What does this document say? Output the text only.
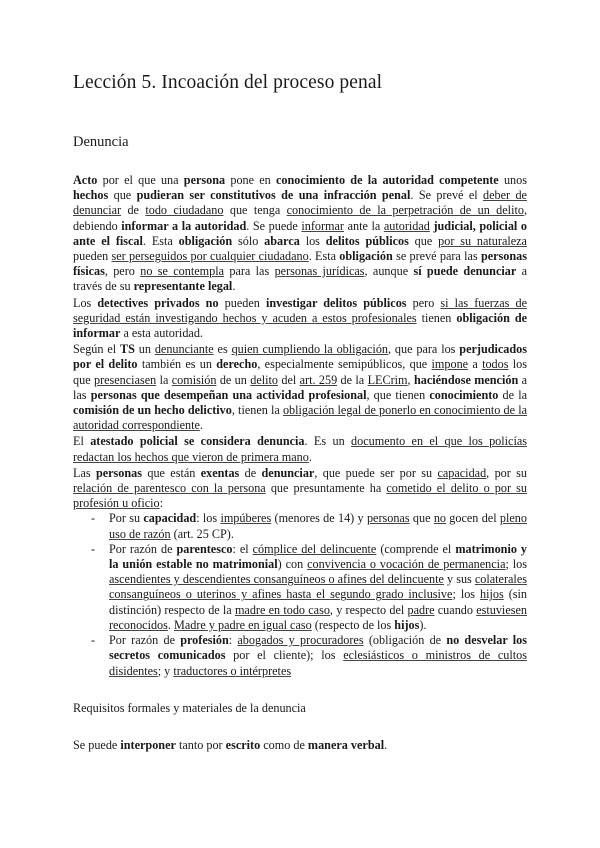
Lección 5. Incoación del proceso penal
Denuncia

Acto por el que una persona pone en conocimiento de la autoridad competente unos hechos que pudieran ser constitutivos de una infracción penal. Se prevé el deber de denunciar de todo ciudadano que tenga conocimiento de la perpetración de un delito, debiendo informar a la autoridad. Se puede informar ante la autoridad judicial, policial o ante el fiscal. Esta obligación sólo abarca los delitos públicos que por su naturaleza pueden ser perseguidos por cualquier ciudadano. Esta obligación se prevé para las personas físicas, pero no se contempla para las personas jurídicas, aunque sí puede denunciar a través de su representante legal.

Los detectives privados no pueden investigar delitos públicos pero si las fuerzas de seguridad están investigando hechos y acuden a estos profesionales tienen obligación de informar a esta autoridad.

Según el TS un denunciante es quien cumpliendo la obligación, que para los perjudicados por el delito también es un derecho, especialmente semipúblicos, que impone a todos los que presenciasen la comisión de un delito del art. 259 de la LECrim, haciéndose mención a las personas que desempeñan una actividad profesional, que tienen conocimiento de la comisión de un hecho delictivo, tienen la obligación legal de ponerlo en conocimiento de la autoridad correspondiente.

El atestado policial se considera denuncia. Es un documento en el que los policías redactan los hechos que vieron de primera mano.

Las personas que están exentas de denunciar, que puede ser por su capacidad, por su relación de parentesco con la persona que presuntamente ha cometido el delito o por su profesión u oficio:

- Por su capacidad: los impúberes (menores de 14) y personas que no gocen del pleno uso de razón (art. 25 CP).
- Por razón de parentesco: el cómplice del delincuente (comprende el matrimonio y la unión estable no matrimonial) con convivencia o vocación de permanencia; los ascendientes y descendientes consanguíneos o afines del delincuente y sus colaterales consanguíneos o uterinos y afines hasta el segundo grado inclusive; los hijos (sin distinción) respecto de la madre en todo caso, y respecto del padre cuando estuviesen reconocidos. Madre y padre en igual caso (respecto de los hijos).
- Por razón de profesión: abogados y procuradores (obligación de no desvelar los secretos comunicados por el cliente); los eclesiásticos o ministros de cultos disidentes; y traductores o intérpretes
Requisitos formales y materiales de la denuncia
Se puede interponer tanto por escrito como de manera verbal.
